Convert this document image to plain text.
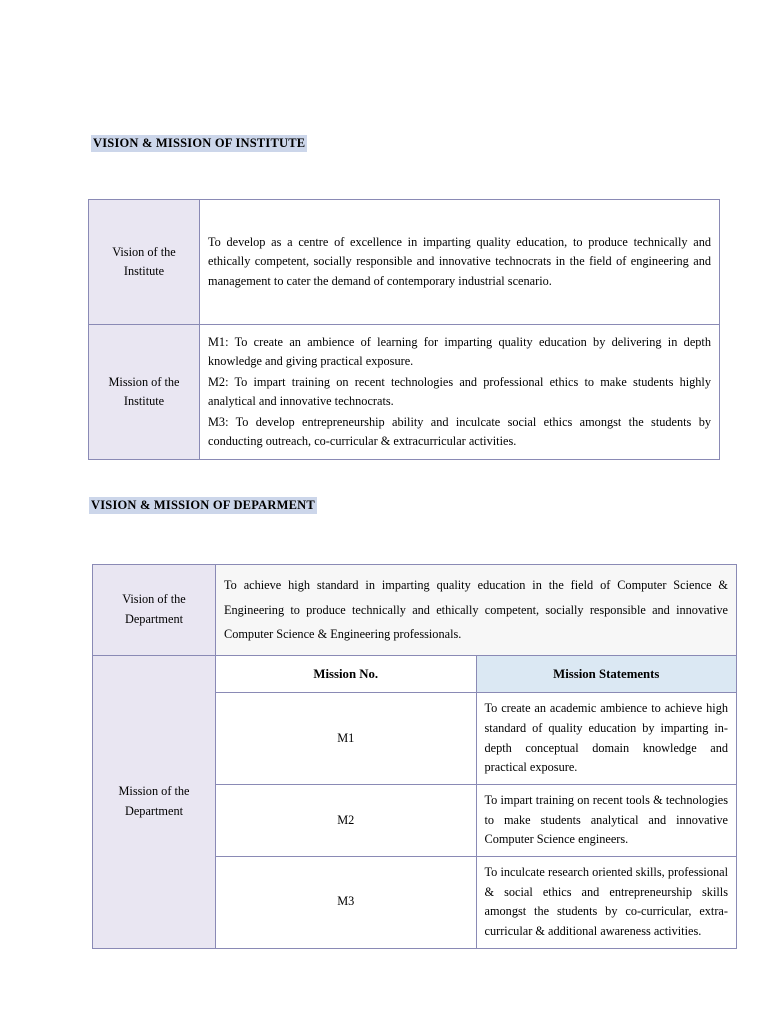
VISION & MISSION OF INSTITUTE
Vision of the Institute	To develop as a centre of excellence in imparting quality education, to produce technically and ethically competent, socially responsible and innovative technocrats in the field of engineering and management to cater the demand of contemporary industrial scenario.

Mission of the Institute	M1: To create an ambience of learning for imparting quality education by delivering in depth knowledge and giving practical exposure.

M2: To impart training on recent technologies and professional ethics to make students highly analytical and innovative technocrats.

M3: To develop entrepreneurship ability and inculcate social ethics amongst the students by conducting outreach, co-curricular & extracurricular activities.

VISION & MISSION OF DEPARMENT
Vision of the Department	To achieve high standard in imparting quality education in the field of Computer Science & Engineering to produce technically and ethically competent, socially responsible and innovative Computer Science & Engineering professionals.	
Mission of the Department	Mission No.	Mission Statements
	M1	To create an academic ambience to achieve high standard of quality education by imparting in-depth conceptual domain knowledge and practical exposure.
	M2	To impart training on recent tools & technologies to make students analytical and innovative Computer Science engineers.
	M3	To inculcate research oriented skills, professional & social ethics and entrepreneurship skills amongst the students by co-curricular, extra-curricular & additional awareness activities.
